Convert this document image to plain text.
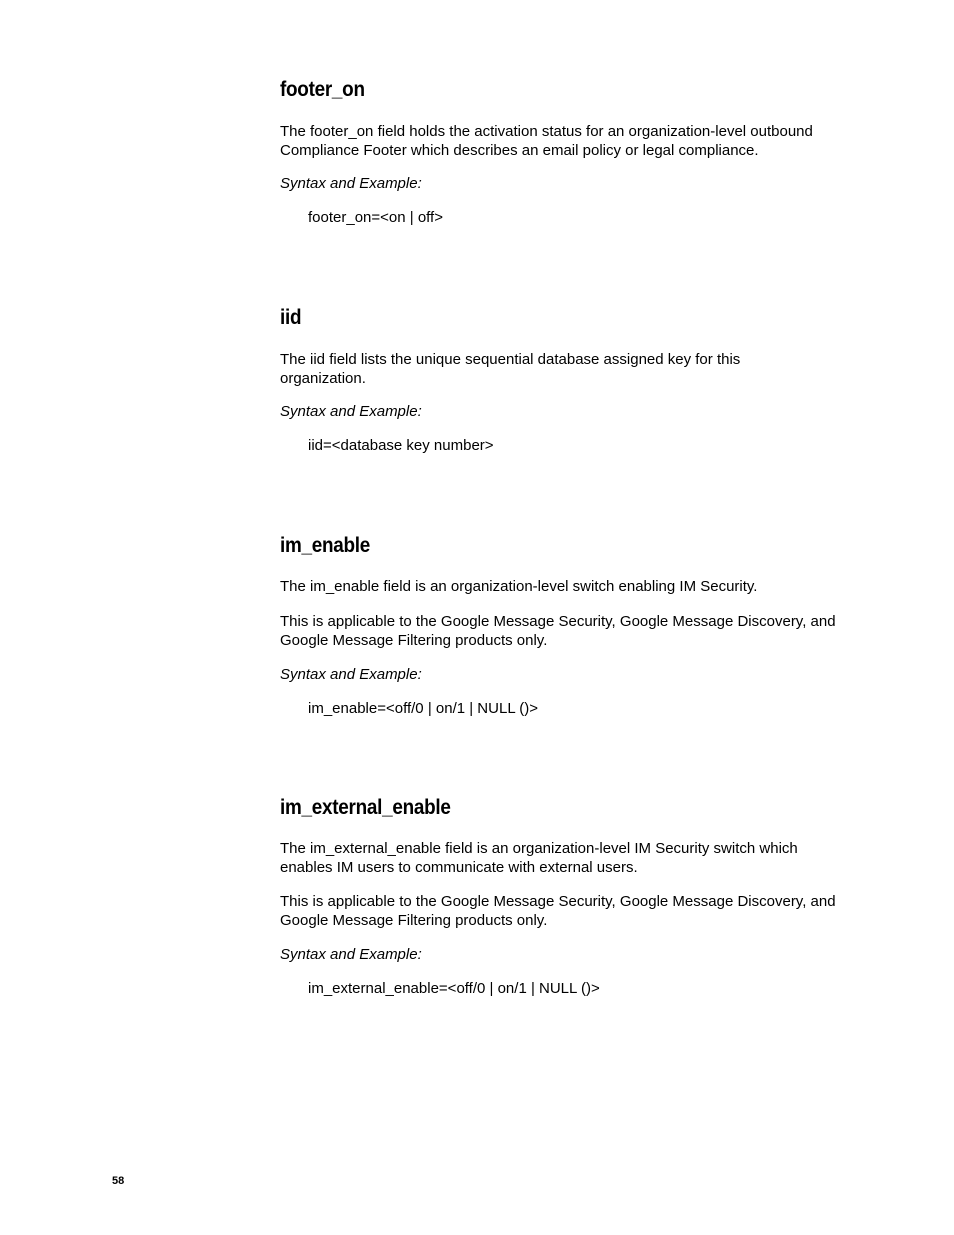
footer_on

The footer_on field holds the activation status for an organization-level outbound Compliance Footer which describes an email policy or legal compliance.

Syntax and Example:

footer_on=<on | off>

iid

The iid field lists the unique sequential database assigned key for this organization.

Syntax and Example:

iid=<database key number>

im_enable

The im_enable field is an organization-level switch enabling IM Security.

This is applicable to the Google Message Security, Google Message Discovery, and Google Message Filtering products only.

Syntax and Example:

im_enable=<off/0 | on/1 | NULL ()>

im_external_enable

The im_external_enable field is an organization-level IM Security switch which enables IM users to communicate with external users.

This is applicable to the Google Message Security, Google Message Discovery, and Google Message Filtering products only.

Syntax and Example:

im_external_enable=<off/0 | on/1 | NULL ()>

58
